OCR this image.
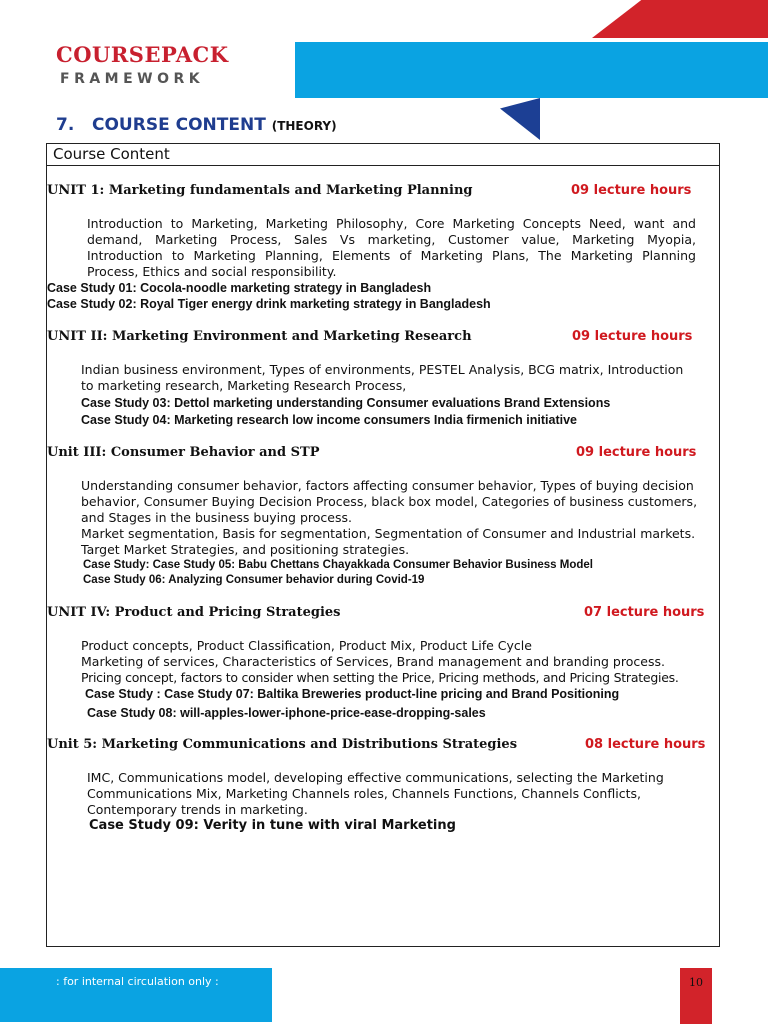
COURSEPACK
FRAMEWORK
7. COURSE CONTENT (THEORY)
Course Content
UNIT 1: Marketing fundamentals and Marketing Planning	09 lecture hours
Introduction to Marketing, Marketing Philosophy, Core Marketing Concepts Need, want and
demand, Marketing Process, Sales Vs marketing, Customer value, Marketing Myopia,
Introduction to Marketing Planning, Elements of Marketing Plans, The Marketing Planning
Process, Ethics and social responsibility.
Case Study 01: Cocola-noodle marketing strategy in Bangladesh
Case Study 02: Royal Tiger energy drink marketing strategy in Bangladesh
UNIT II: Marketing Environment and Marketing Research	09 lecture hours
Indian business environment, Types of environments, PESTEL Analysis, BCG matrix, Introduction
to marketing research, Marketing Research Process,
Case Study 03: Dettol marketing understanding Consumer evaluations Brand Extensions
Case Study 04: Marketing research low income consumers India firmenich initiative
Unit III: Consumer Behavior and STP	09 lecture hours
Understanding consumer behavior, factors affecting consumer behavior, Types of buying decision
behavior, Consumer Buying Decision Process, black box model, Categories of business customers,
and Stages in the business buying process.
Market segmentation, Basis for segmentation, Segmentation of Consumer and Industrial markets.
Target Market Strategies, and positioning strategies.
Case Study: Case Study 05: Babu Chettans Chayakkada Consumer Behavior Business Model
Case Study 06: Analyzing Consumer behavior during Covid-19
UNIT IV: Product and Pricing Strategies	07 lecture hours
Product concepts, Product Classification, Product Mix, Product Life Cycle
Marketing of services, Characteristics of Services, Brand management and branding process.
Pricing concept, factors to consider when setting the Price, Pricing methods, and Pricing Strategies.
Case Study : Case Study 07: Baltika Breweries product-line pricing and Brand Positioning
Case Study 08: will-apples-lower-iphone-price-ease-dropping-sales
Unit 5: Marketing Communications and Distributions Strategies	08 lecture hours
IMC, Communications model, developing effective communications, selecting the Marketing
Communications Mix, Marketing Channels roles, Channels Functions, Channels Conflicts,
Contemporary trends in marketing.
Case Study 09: Verity in tune with viral Marketing
: for internal circulation only :	10
